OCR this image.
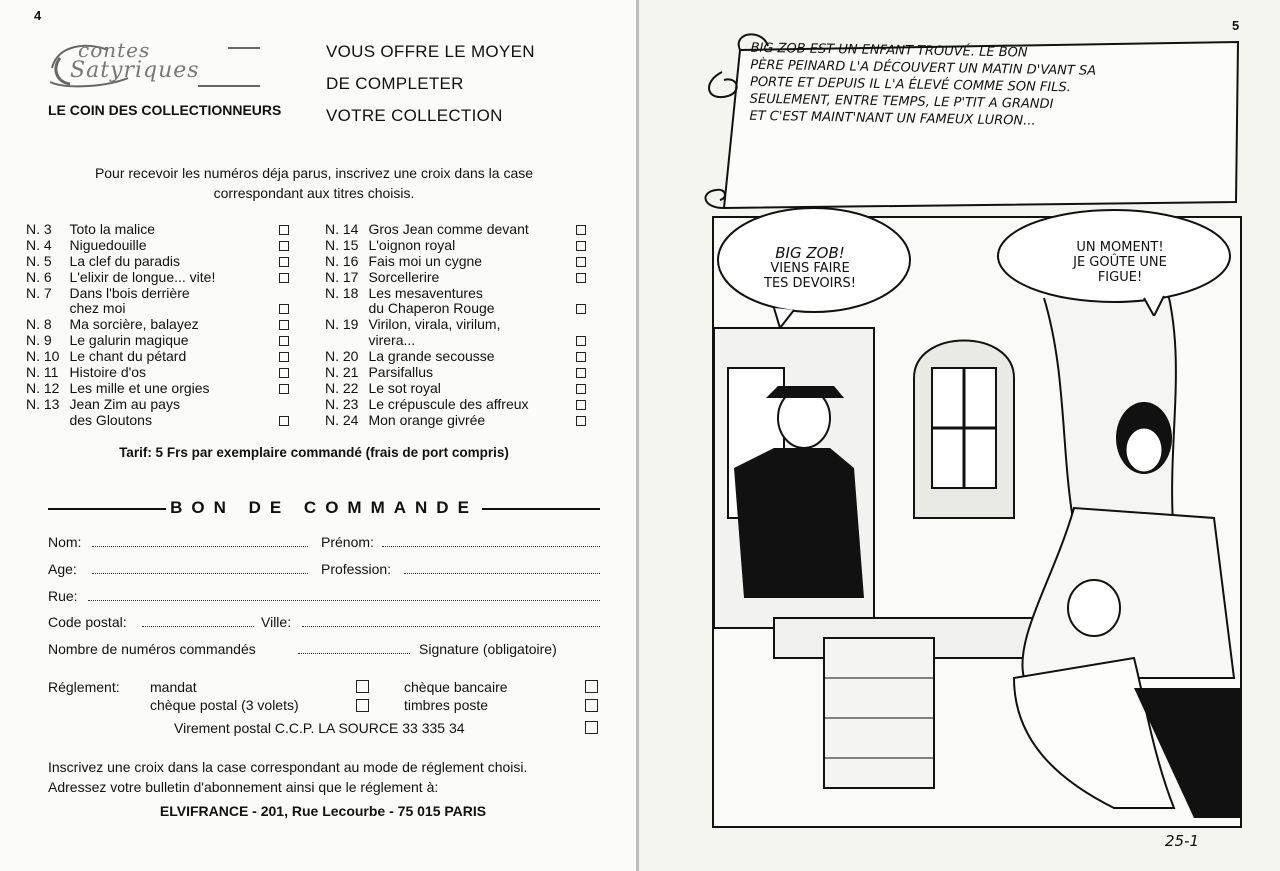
4
contes
Satyriques
VOUS OFFRE LE MOYEN
DE COMPLETER
VOTRE COLLECTION
LE COIN DES COLLECTIONNEURS
Pour recevoir les numéros déja parus, inscrivez une croix dans la case
correspondant aux titres choisis.
N. 3	Toto la malice	
N. 4	Niguedouille	
N. 5	La clef du paradis	
N. 6	L'elixir de longue... vite!	
N. 7	Dans l'bois derrière	
	chez moi	
N. 8	Ma sorcière, balayez	
N. 9	Le galurin magique	
N. 10	Le chant du pétard	
N. 11	Histoire d'os	
N. 12	Les mille et une orgies	
N. 13	Jean Zim au pays	
	des Gloutons	
N. 14	Gros Jean comme devant	
N. 15	L'oignon royal	
N. 16	Fais moi un cygne	
N. 17	Sorcellerire	
N. 18	Les mesaventures	
	du Chaperon Rouge	
N. 19	Virilon, virala, virilum,	
	virera...	
N. 20	La grande secousse	
N. 21	Parsifallus	
N. 22	Le sot royal	
N. 23	Le crépuscule des affreux	
N. 24	Mon orange givrée	
Tarif: 5 Frs par exemplaire commandé (frais de port compris)
BON DE COMMANDE
Nom:	Prénom:
Age:	Profession:
Rue:
Code postal:	Ville:
Nombre de numéros commandés	Signature (obligatoire)
Réglement: mandat	chèque bancaire
chèque postal (3 volets)	timbres poste
Virement postal C.C.P. LA SOURCE 33 335 34
Inscrivez une croix dans la case correspondant au mode de réglement choisi.
Adressez votre bulletin d'abonnement ainsi que le réglement à:
ELVIFRANCE - 201, Rue Lecourbe - 75 015 PARIS
5
BIG ZOB EST UN ENFANT TROUVÉ. LE BON
PÈRE PEINARD L'A DÉCOUVERT UN MATIN D'VANT SA
PORTE ET DEPUIS IL L'A ÉLEVÉ COMME SON FILS.
SEULEMENT, ENTRE TEMPS, LE P'TIT A GRANDI
ET C'EST MAINT'NANT UN FAMEUX LURON...
BIG ZOB!
VIENS FAIRE
TES DEVOIRS!
UN MOMENT!
JE GOÛTE UNE
FIGUE!
25-1
